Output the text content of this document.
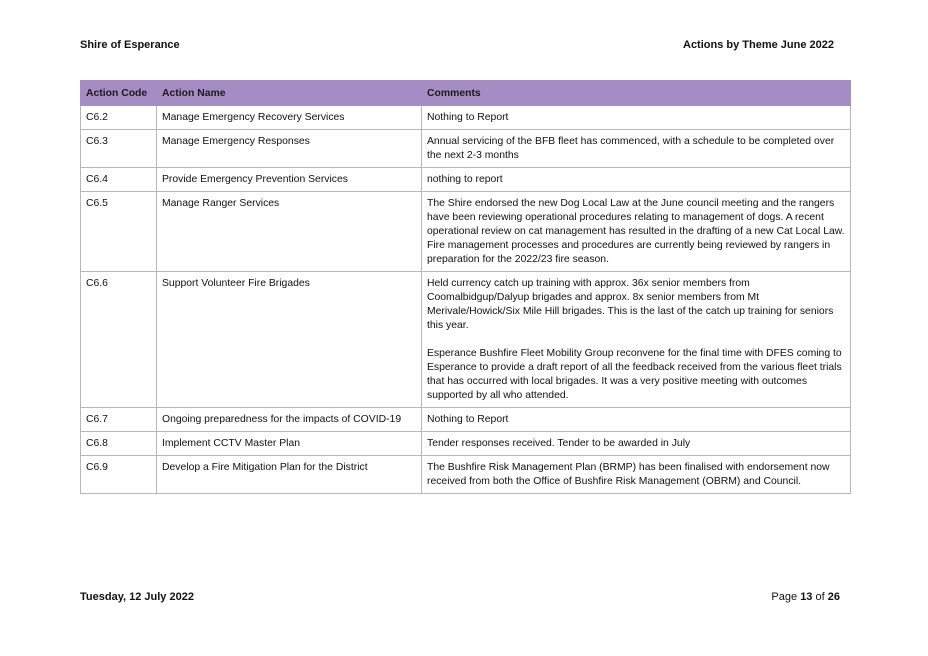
Shire of Esperance	Actions by Theme June 2022
Action Code	Action Name	Comments
C6.2	Manage Emergency Recovery Services	Nothing to Report

C6.3	Manage Emergency Responses	Annual servicing of the BFB fleet has commenced, with a schedule to be completed over the next 2-3 months

C6.4	Provide Emergency Prevention Services	nothing to report

C6.5	Manage Ranger Services	The Shire endorsed the new Dog Local Law at the June council meeting and the rangers have been reviewing operational procedures relating to management of dogs. A recent operational review on cat management has resulted in the drafting of a new Cat Local Law. Fire management processes and procedures are currently being reviewed by rangers in preparation for the 2022/23 fire season.

C6.6	Support Volunteer Fire Brigades	Held currency catch up training with approx. 36x senior members from Coomalbidgup/Dalyup brigades and approx. 8x senior members from Mt Merivale/Howick/Six Mile Hill brigades. This is the last of the catch up training for seniors this year.
Esperance Bushfire Fleet Mobility Group reconvene for the final time with DFES coming to Esperance to provide a draft report of all the feedback received from the various fleet trials that has occurred with local brigades. It was a very positive meeting with outcomes supported by all who attended.

C6.7	Ongoing preparedness for the impacts of COVID-19	Nothing to Report

C6.8	Implement CCTV Master Plan	Tender responses received. Tender to be awarded in July

C6.9	Develop a Fire Mitigation Plan for the District	The Bushfire Risk Management Plan (BRMP) has been finalised with endorsement now received from both the Office of Bushfire Risk Management (OBRM) and Council.
Tuesday, 12 July 2022	Page 13 of 26
